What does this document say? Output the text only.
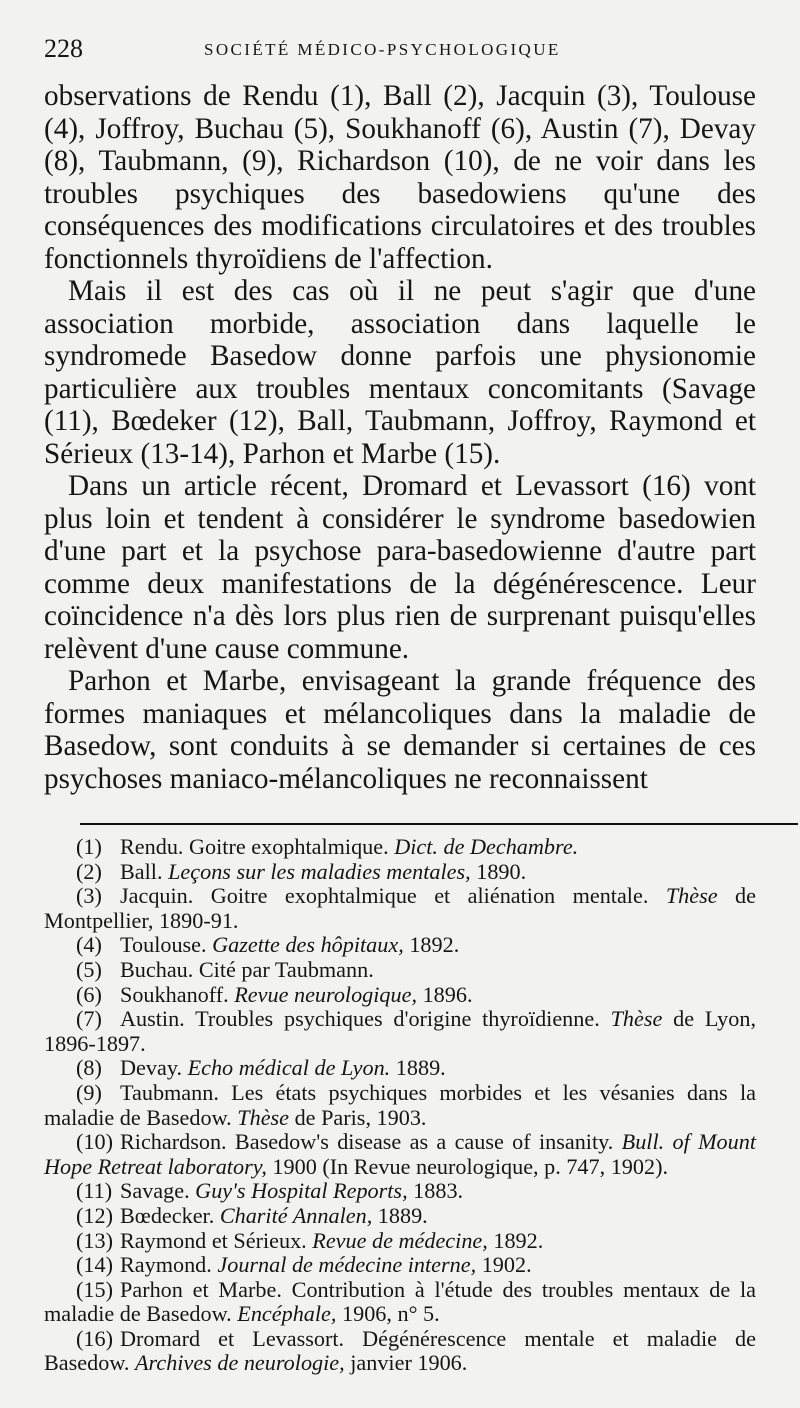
228	SOCIÉTÉ MÉDICO-PSYCHOLOGIQUE

observations de Rendu (1), Ball (2), Jacquin (3), Toulouse (4), Joffroy, Buchau (5), Soukhanoff (6), Austin (7), Devay (8), Taubmann, (9), Richardson (10), de ne voir dans les troubles psychiques des basedowiens qu'une des conséquences des modifications circulatoires et des troubles fonctionnels thyroïdiens de l'affection.

Mais il est des cas où il ne peut s'agir que d'une association morbide, association dans laquelle le syndromede Basedow donne parfois une physionomie particulière aux troubles mentaux concomitants (Savage (11), Bœdeker (12), Ball, Taubmann, Joffroy, Raymond et Sérieux (13-14), Parhon et Marbe (15).

Dans un article récent, Dromard et Levassort (16) vont plus loin et tendent à considérer le syndrome basedowien d'une part et la psychose para-basedowienne d'autre part comme deux manifestations de la dégénérescence. Leur coïncidence n'a dès lors plus rien de surprenant puisqu'elles relèvent d'une cause commune.

Parhon et Marbe, envisageant la grande fréquence des formes maniaques et mélancoliques dans la maladie de Basedow, sont conduits à se demander si certaines de ces psychoses maniaco-mélancoliques ne reconnaissent

(1) Rendu. Goitre exophtalmique. Dict. de Dechambre.

(2) Ball. Leçons sur les maladies mentales, 1890.

(3) Jacquin. Goitre exophtalmique et aliénation mentale. Thèse de Montpellier, 1890-91.

(4) Toulouse. Gazette des hôpitaux, 1892.

(5) Buchau. Cité par Taubmann.

(6) Soukhanoff. Revue neurologique, 1896.

(7) Austin. Troubles psychiques d'origine thyroïdienne. Thèse de Lyon, 1896-1897.

(8) Devay. Echo médical de Lyon. 1889.

(9) Taubmann. Les états psychiques morbides et les vésanies dans la maladie de Basedow. Thèse de Paris, 1903.

(10) Richardson. Basedow's disease as a cause of insanity. Bull. of Mount Hope Retreat laboratory, 1900 (In Revue neurologique, p. 747, 1902).

(11) Savage. Guy's Hospital Reports, 1883.

(12) Bœdecker. Charité Annalen, 1889.

(13) Raymond et Sérieux. Revue de médecine, 1892.

(14) Raymond. Journal de médecine interne, 1902.

(15) Parhon et Marbe. Contribution à l'étude des troubles mentaux de la maladie de Basedow. Encéphale, 1906, n° 5.

(16) Dromard et Levassort. Dégénérescence mentale et maladie de Basedow. Archives de neurologie, janvier 1906.
